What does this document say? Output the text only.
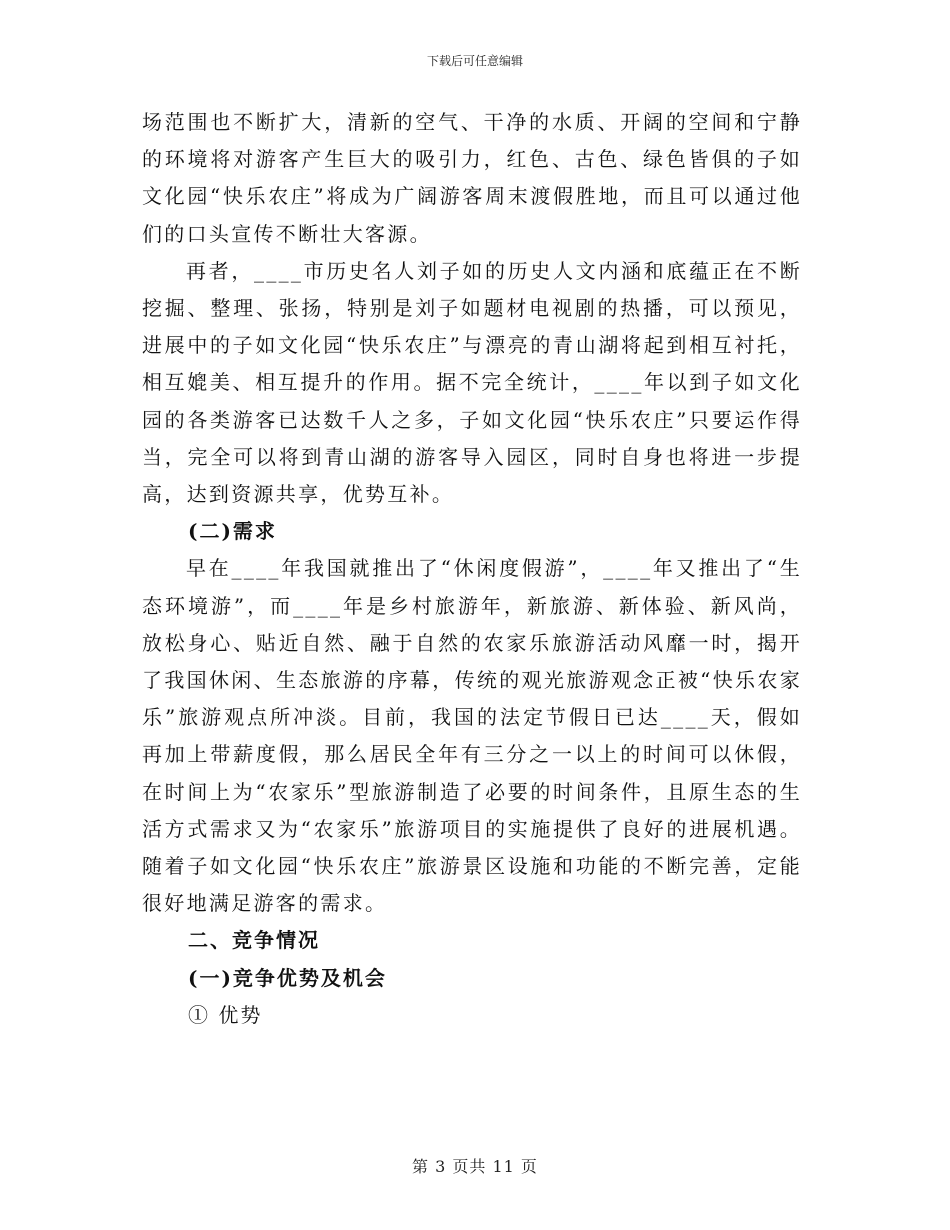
下载后可任意编辑

场范围也不断扩大，清新的空气、干净的水质、开阔的空间和宁静的环境将对游客产生巨大的吸引力，红色、古色、绿色皆俱的子如文化园“快乐农庄”将成为广阔游客周末渡假胜地，而且可以通过他们的口头宣传不断壮大客源。

再者，____市历史名人刘子如的历史人文内涵和底蕴正在不断挖掘、整理、张扬，特别是刘子如题材电视剧的热播，可以预见，进展中的子如文化园“快乐农庄”与漂亮的青山湖将起到相互衬托，相互媲美、相互提升的作用。据不完全统计，____年以到子如文化园的各类游客已达数千人之多，子如文化园“快乐农庄”只要运作得当，完全可以将到青山湖的游客导入园区，同时自身也将进一步提高，达到资源共享，优势互补。

(二)需求

早在____年我国就推出了“休闲度假游”，____年又推出了“生态环境游”，而____年是乡村旅游年，新旅游、新体验、新风尚，放松身心、贴近自然、融于自然的农家乐旅游活动风靡一时，揭开了我国休闲、生态旅游的序幕，传统的观光旅游观念正被“快乐农家乐”旅游观点所冲淡。目前，我国的法定节假日已达____天，假如再加上带薪度假，那么居民全年有三分之一以上的时间可以休假，在时间上为“农家乐”型旅游制造了必要的时间条件，且原生态的生活方式需求又为“农家乐”旅游项目的实施提供了良好的进展机遇。随着子如文化园“快乐农庄”旅游景区设施和功能的不断完善，定能很好地满足游客的需求。

二、竞争情况

(一)竞争优势及机会

① 优势

第 3 页共 11 页
